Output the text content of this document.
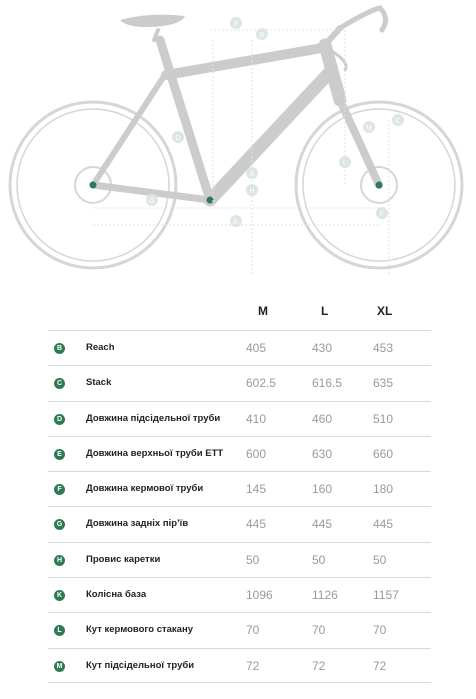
E
B
D
C
M
A
L
G
F
H
K
M	L	XL
B	Reach	405	430	453
C	Stack	602.5	616.5	635
D	Довжина підсідельної труби 410	460	510
E	Довжина верхньої труби ETT 600	630	660
F	Довжина кермової труби	145	160	180
G	Довжина задніх пір’їв	445	445	445
H	Провис каретки	50	50	50
K	Колісна база	1096	1126	1157
L	Кут кермового стакану	70	70	70
M Кут підсідельної труби	72	72	72
